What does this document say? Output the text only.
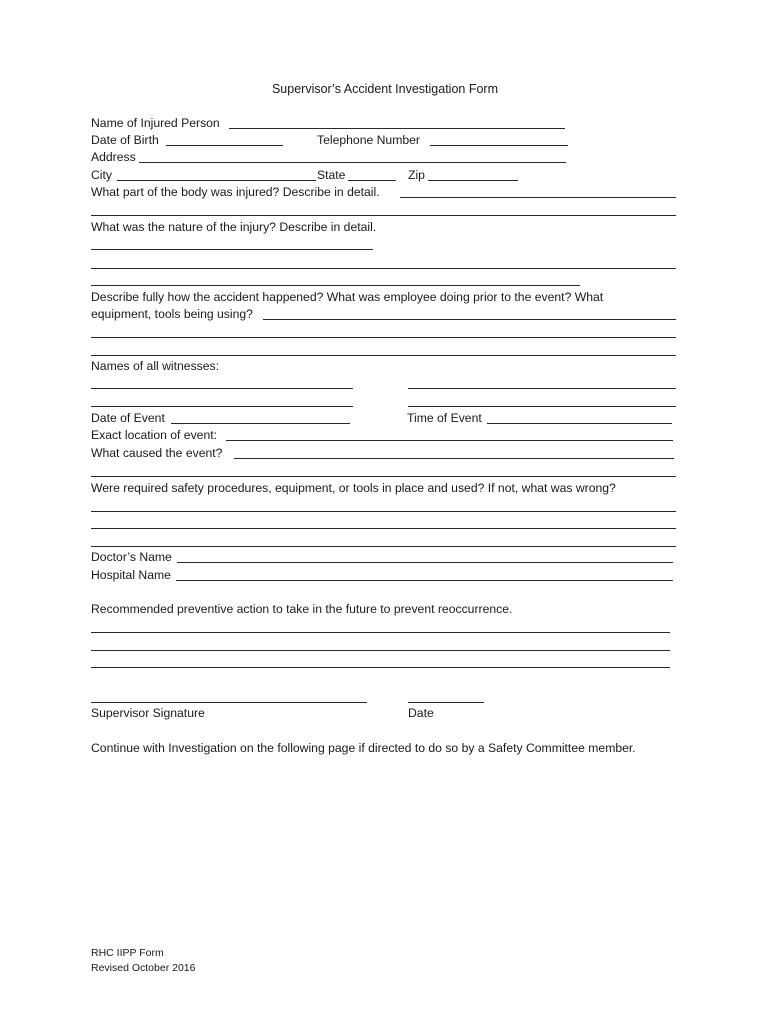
Supervisor’s Accident Investigation Form
Name of Injured Person
Date of Birth	Telephone Number
Address
City	State	Zip
What part of the body was injured? Describe in detail.
What was the nature of the injury? Describe in detail.
Describe fully how the accident happened? What was employee doing prior to the event? What
equipment, tools being using?
Names of all witnesses:
Date of Event	Time of Event
Exact location of event:
What caused the event?
Were required safety procedures, equipment, or tools in place and used? If not, what was wrong?
Doctor’s Name
Hospital Name
Recommended preventive action to take in the future to prevent reoccurrence.
Supervisor Signature	Date
Continue with Investigation on the following page if directed to do so by a Safety Committee member.
RHC IIPP Form
Revised October 2016
